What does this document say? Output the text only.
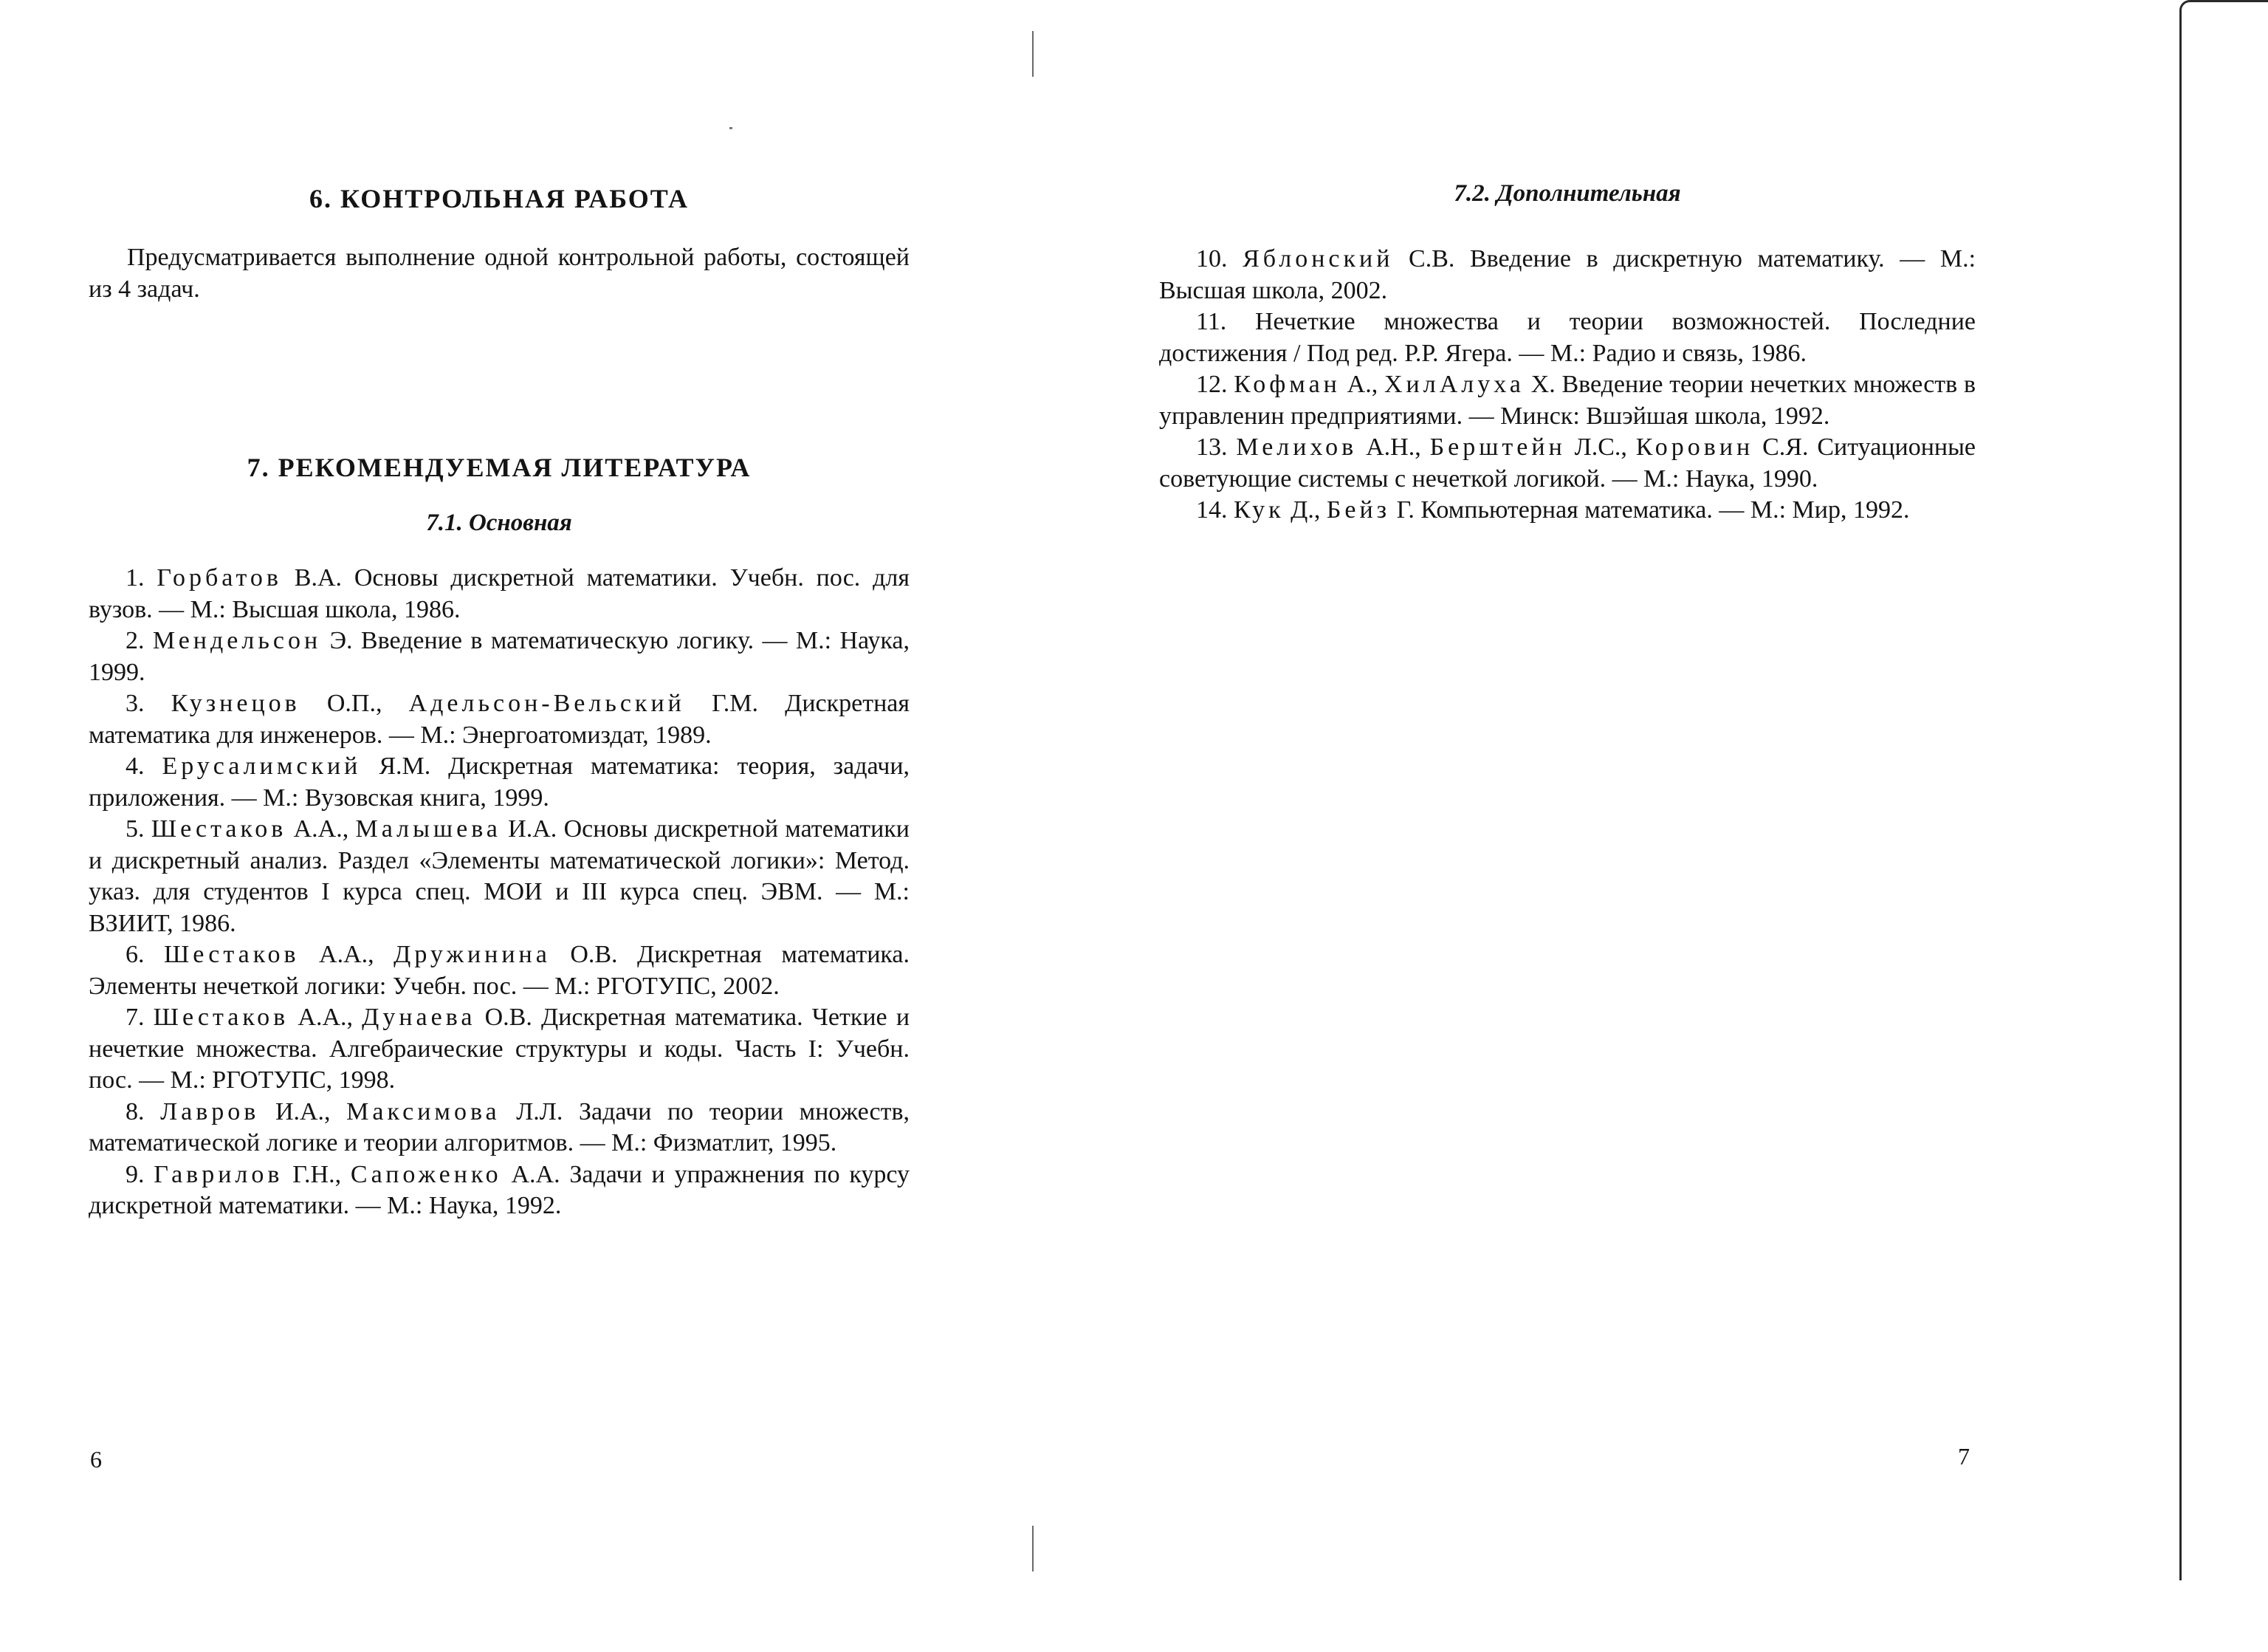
6. КОНТРОЛЬНАЯ РАБОТА

Предусматривается выполнение одной контрольной работы, состоящей из 4 задач.

7. РЕКОМЕНДУЕМАЯ ЛИТЕРАТУРА
7.1. Основная
1. Горбатов В.А. Основы дискретной математики. Учебн. пос. для вузов. — М.: Высшая школа, 1986.
2. Мендельсон Э. Введение в математическую логику. — М.: Наука, 1999.
3. Кузнецов О.П., Адельсон-Вельский Г.М. Дискретная математика для инженеров. — М.: Энергоатомиздат, 1989.
4. Ерусалимский Я.М. Дискретная математика: теория, задачи, приложения. — М.: Вузовская книга, 1999.
5. Шестаков А.А., Малышева И.А. Основы дискретной математики и дискретный анализ. Раздел «Элементы математической логики»: Метод. указ. для студентов I курса спец. МОИ и III курса спец. ЭВМ. — М.: ВЗИИТ, 1986.
6. Шестаков А.А., Дружинина О.В. Дискретная математика. Элементы нечеткой логики: Учебн. пос. — М.: РГОТУПС, 2002.
7. Шестаков А.А., Дунаева О.В. Дискретная математика. Четкие и нечеткие множества. Алгебраические структуры и коды. Часть I: Учебн. пос. — М.: РГОТУПС, 1998.
8. Лавров И.А., Максимова Л.Л. Задачи по теории множеств, математической логике и теории алгоритмов. — М.: Физматлит, 1995.
9. Гаврилов Г.Н., Сапоженко А.А. Задачи и упражнения по курсу дискретной математики. — М.: Наука, 1992.

6

7.2. Дополнительная
10. Яблонский С.В. Введение в дискретную математику. — М.: Высшая школа, 2002.
11. Нечеткие множества и теории возможностей. Последние достижения / Под ред. Р.Р. Ягера. — М.: Радио и связь, 1986.
12. Кофман А., ХилАлуха Х. Введение теории нечетких множеств в управленин предприятиями. — Минск: Вшэйшая школа, 1992.
13. Мелихов А.Н., Берштейн Л.С., Коровин С.Я. Ситуационные советующие системы с нечеткой логикой. — М.: Наука, 1990.
14. Кук Д., Бейз Г. Компьютерная математика. — М.: Мир, 1992.

7
